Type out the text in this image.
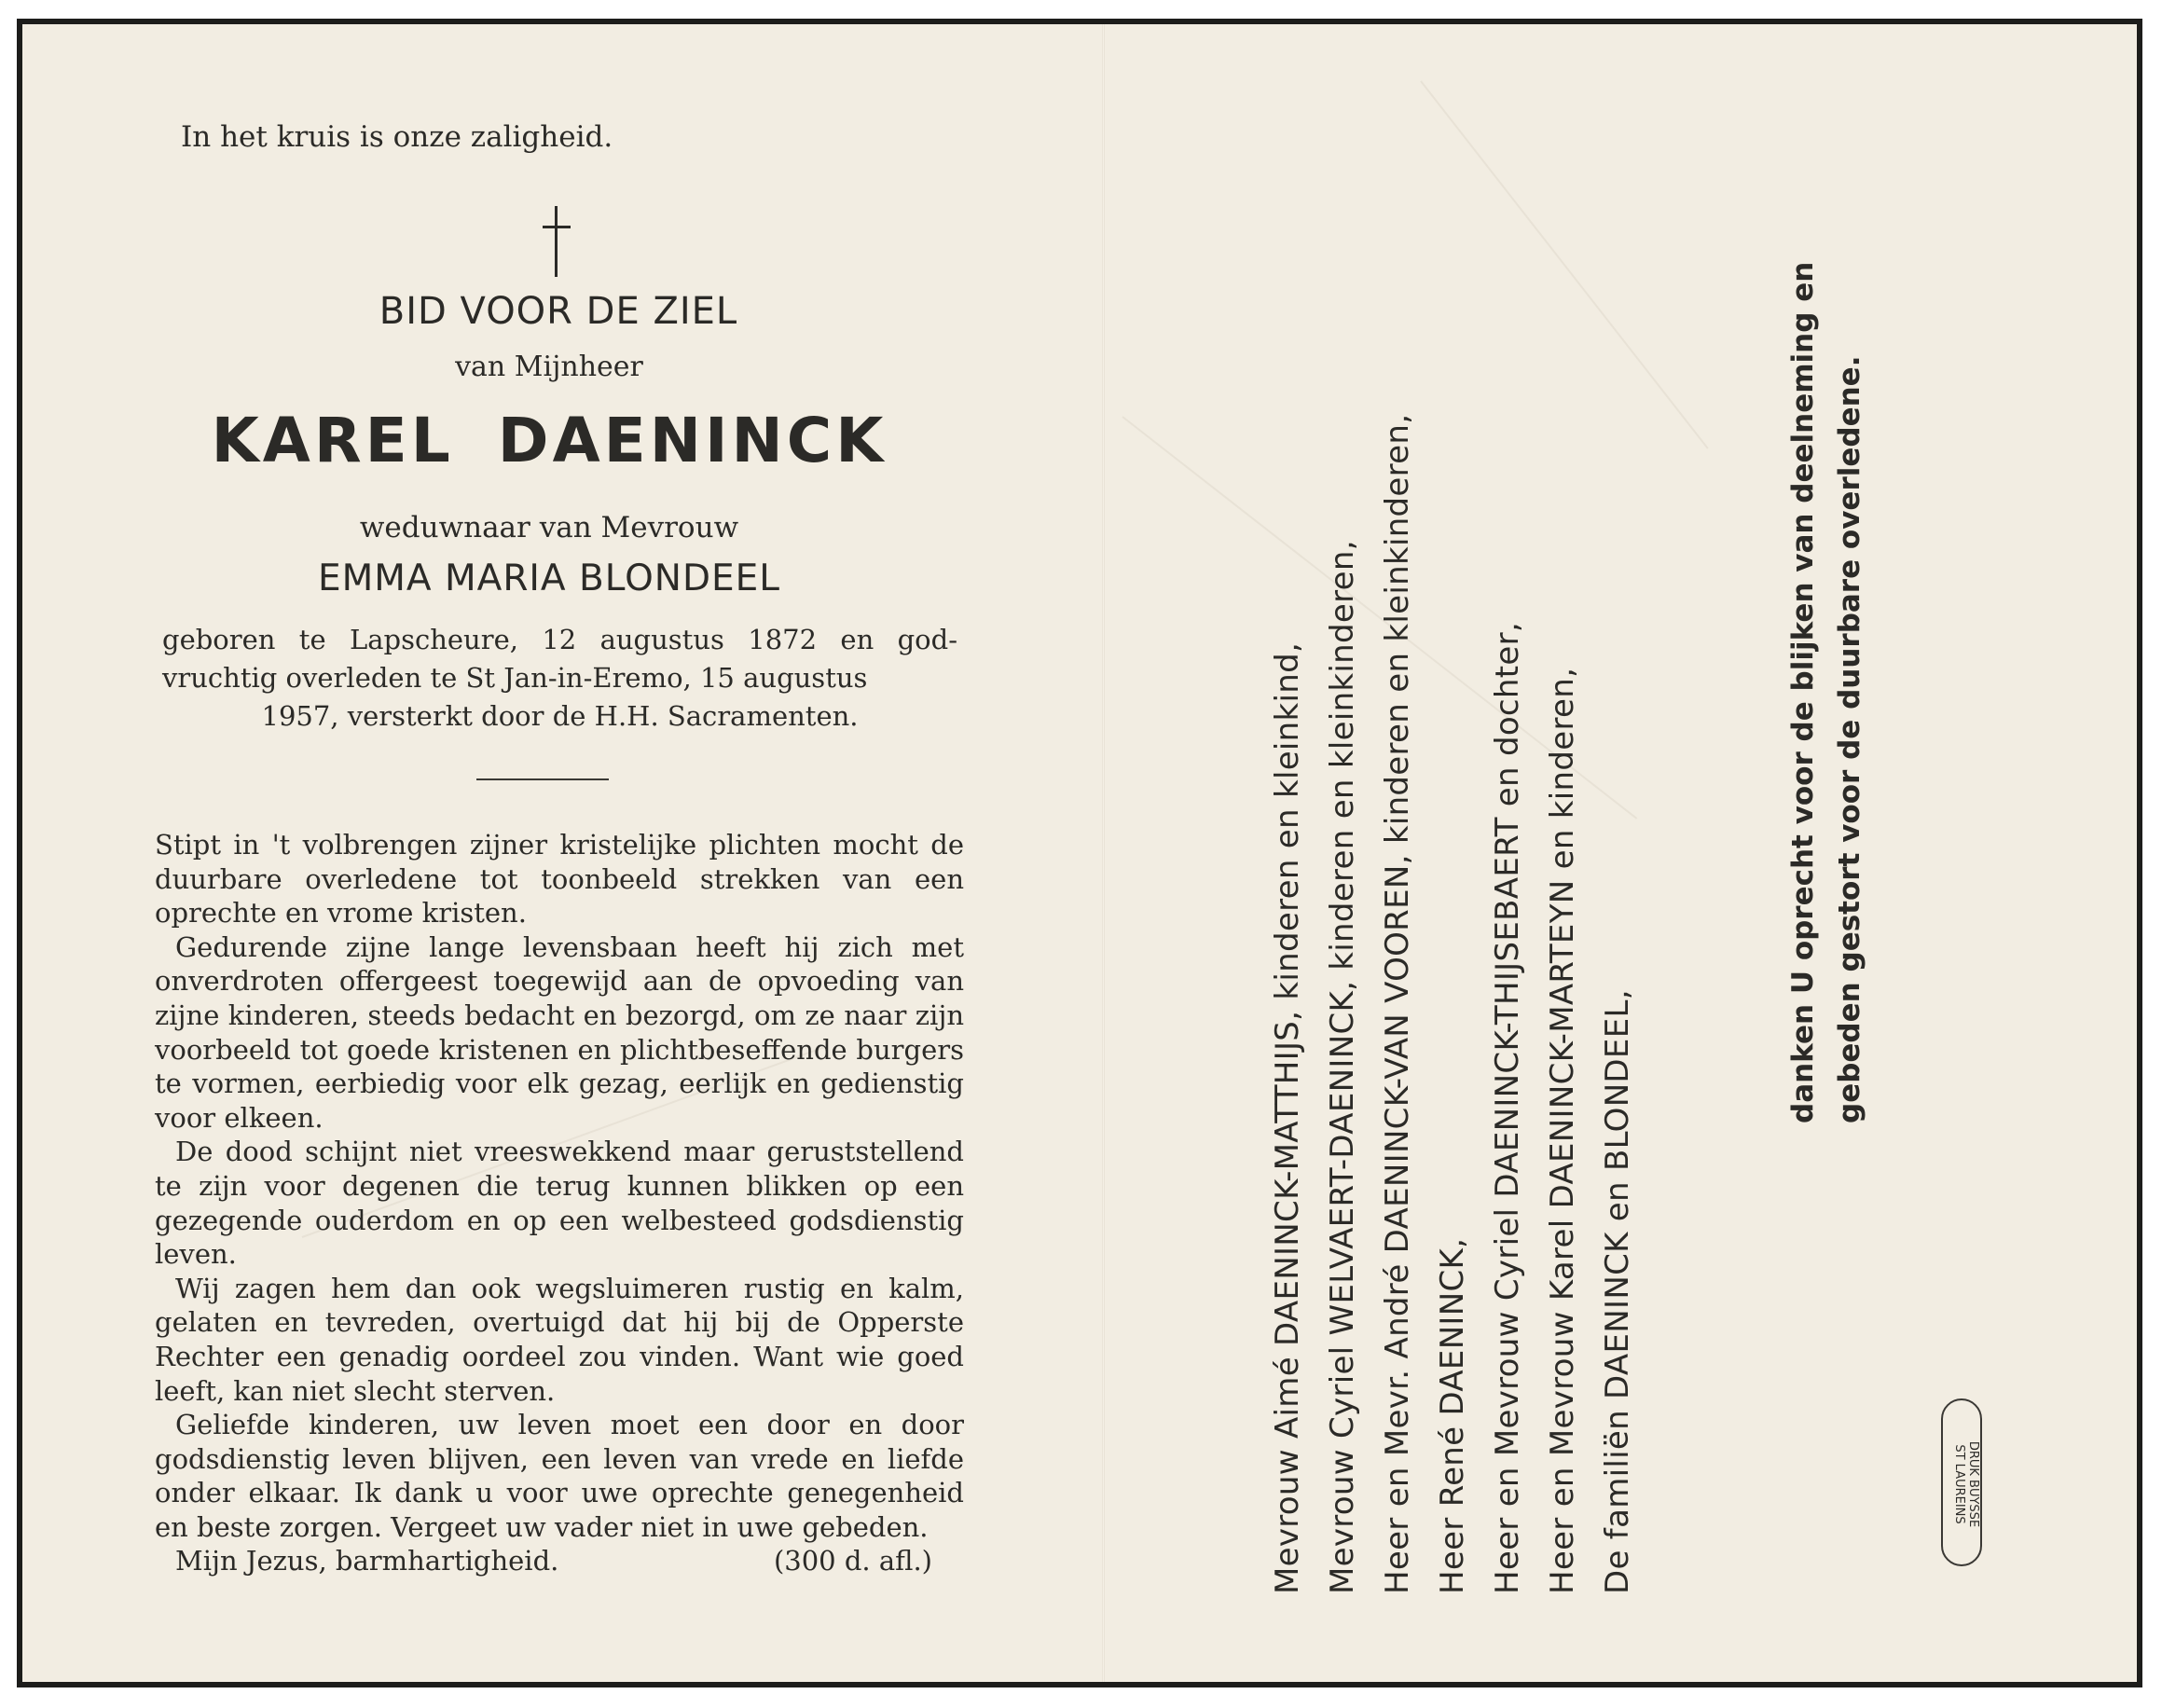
In het kruis is onze zaligheid.
BID VOOR DE ZIEL
van Mijnheer
KAREL DAENINCK
weduwnaar van Mevrouw
EMMA MARIA BLONDEEL
geboren te Lapscheure, 12 augustus 1872 en god-vruchtig overleden te St Jan-in-Eremo, 15 augustus
1957, versterkt door de H.H. Sacramenten.

Stipt in 't volbrengen zijner kristelijke plichten mocht de duurbare overledene tot toonbeeld strekken van een oprechte en vrome kristen.

Gedurende zijne lange levensbaan heeft hij zich met onverdroten offergeest toegewijd aan de opvoeding van zijne kinderen, steeds bedacht en bezorgd, om ze naar zijn voorbeeld tot goede kristenen en plichtbeseffende burgers te vormen, eerbiedig voor elk gezag, eerlijk en gedienstig voor elkeen.

De dood schijnt niet vreeswekkend maar geruststellend te zijn voor degenen die terug kunnen blikken op een gezegende ouderdom en op een welbesteed godsdienstig leven.

Wij zagen hem dan ook wegsluimeren rustig en kalm, gelaten en tevreden, overtuigd dat hij bij de Opperste Rechter een genadig oordeel zou vinden. Want wie goed leeft, kan niet slecht sterven.

Geliefde kinderen, uw leven moet een door en door godsdienstig leven blijven, een leven van vrede en liefde onder elkaar. Ik dank u voor uwe oprechte genegenheid en beste zorgen. Vergeet uw vader niet in uwe gebeden.

Mijn Jezus, barmhartigheid.	(300 d. afl.)	Mevrouw Aimé DAENINCK-MATTHIJS, kinderen en kleinkind, Mevrouw Cyriel WELVAERT-DAENINCK, kinderen en kleinkinderen, Heer en Mevr. André DAENINCK-VAN VOOREN, kinderen en kleinkinderen, Heer René DAENINCK, Heer en Mevrouw Cyriel DAENINCK-THIJSEBAERT en dochter, Heer en Mevrouw Karel DAENINCK-MARTEYN en kinderen, De familiën DAENINCK en BLONDEEL,
danken U oprecht voor de blijken van deelneming en gebeden gestort voor de duurbare overledene.
DRUK BUYSSE
ST LAUREINS
